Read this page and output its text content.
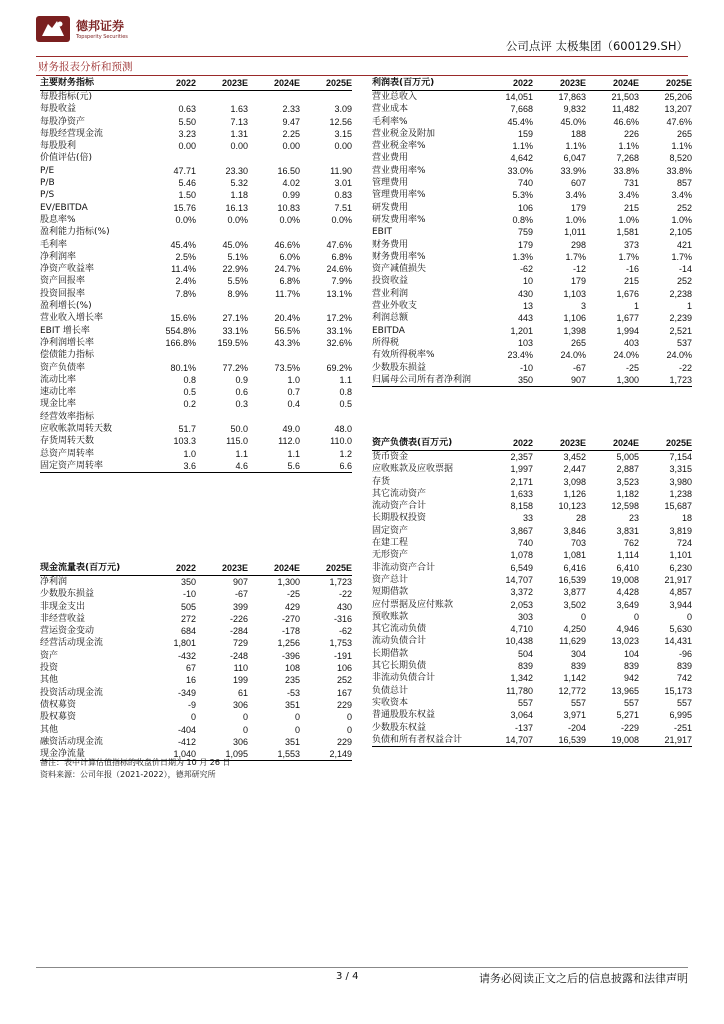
德邦证券
Topsperity Securities
公司点评 太极集团（600129.SH）
财务报表分析和预测
主要财务指标	2022	2023E	2024E	2025E
每股指标(元)
每股收益	0.63	1.63	2.33	3.09
每股净资产	5.50	7.13	9.47	12.56
每股经营现金流	3.23	1.31	2.25	3.15
每股股利	0.00	0.00	0.00	0.00
价值评估(倍)
P/E	47.71	23.30	16.50	11.90
P/B	5.46	5.32	4.02	3.01
P/S	1.50	1.18	0.99	0.83
EV/EBITDA	15.76	16.13	10.83	7.51
股息率%	0.0%	0.0%	0.0%	0.0%
盈利能力指标(%)
毛利率	45.4%	45.0%	46.6%	47.6%
净利润率	2.5%	5.1%	6.0%	6.8%
净资产收益率	11.4%	22.9%	24.7%	24.6%
资产回报率	2.4%	5.5%	6.8%	7.9%
投资回报率	7.8%	8.9%	11.7%	13.1%
盈利增长(%)
营业收入增长率	15.6%	27.1%	20.4%	17.2%
EBIT 增长率	554.8%	33.1%	56.5%	33.1%
净利润增长率	166.8%	159.5%	43.3%	32.6%
偿债能力指标
资产负债率	80.1%	77.2%	73.5%	69.2%
流动比率	0.8	0.9	1.0	1.1
速动比率	0.5	0.6	0.7	0.8
现金比率	0.2	0.3	0.4	0.5
经营效率指标
应收帐款周转天数	51.7	50.0	49.0	48.0
存货周转天数	103.3	115.0	112.0	110.0
总资产周转率	1.0	1.1	1.1	1.2
固定资产周转率	3.6	4.6	5.6	6.6
利润表(百万元)	2022	2023E	2024E	2025E
营业总收入	14,051	17,863	21,503	25,206
营业成本	7,668	9,832	11,482	13,207
毛利率%	45.4%	45.0%	46.6%	47.6%
营业税金及附加	159	188	226	265
营业税金率%	1.1%	1.1%	1.1%	1.1%
营业费用	4,642	6,047	7,268	8,520
营业费用率%	33.0%	33.9%	33.8%	33.8%
管理费用	740	607	731	857
管理费用率%	5.3%	3.4%	3.4%	3.4%
研发费用	106	179	215	252
研发费用率%	0.8%	1.0%	1.0%	1.0%
EBIT	759	1,011	1,581	2,105
财务费用	179	298	373	421
财务费用率%	1.3%	1.7%	1.7%	1.7%
资产减值损失	-62	-12	-16	-14
投资收益	10	179	215	252
营业利润	430	1,103	1,676	2,238
营业外收支	13	3	1	1
利润总额	443	1,106	1,677	2,239
EBITDA	1,201	1,398	1,994	2,521
所得税	103	265	403	537
有效所得税率%	23.4%	24.0%	24.0%	24.0%
少数股东损益	-10	-67	-25	-22
归属母公司所有者净利润	350	907	1,300	1,723
资产负债表(百万元)	2022	2023E	2024E	2025E
货币资金	2,357	3,452	5,005	7,154
应收账款及应收票据	1,997	2,447	2,887	3,315
存货	2,171	3,098	3,523	3,980
其它流动资产	1,633	1,126	1,182	1,238
流动资产合计	8,158	10,123	12,598	15,687
长期股权投资	33	28	23	18
固定资产	3,867	3,846	3,831	3,819
在建工程	740	703	762	724
无形资产	1,078	1,081	1,114	1,101
非流动资产合计	6,549	6,416	6,410	6,230
资产总计	14,707	16,539	19,008	21,917
短期借款	3,372	3,877	4,428	4,857
应付票据及应付账款	2,053	3,502	3,649	3,944
预收账款	303	0	0	0
其它流动负债	4,710	4,250	4,946	5,630
流动负债合计	10,438	11,629	13,023	14,431
长期借款	504	304	104	-96
其它长期负债	839	839	839	839
非流动负债合计	1,342	1,142	942	742
负债总计	11,780	12,772	13,965	15,173
实收资本	557	557	557	557
普通股股东权益	3,064	3,971	5,271	6,995
少数股东权益	-137	-204	-229	-251
负债和所有者权益合计	14,707	16,539	19,008	21,917
现金流量表(百万元)	2022	2023E	2024E	2025E
净利润	350	907	1,300	1,723
少数股东损益	-10	-67	-25	-22
非现金支出	505	399	429	430
非经营收益	272	-226	-270	-316
营运资金变动	684	-284	-178	-62
经营活动现金流	1,801	729	1,256	1,753
资产	-432	-248	-396	-191
投资	67	110	108	106
其他	16	199	235	252
投资活动现金流	-349	61	-53	167
债权募资	-9	306	351	229
股权募资	0	0	0	0
其他	-404	0	0	0
融资活动现金流	-412	306	351	229
现金净流量	1,040	1,095	1,553	2,149
备注：表中计算估值指标的收盘价日期为 10 月 26 日
资料来源：公司年报（2021-2022），德邦研究所
3 / 4	请务必阅读正文之后的信息披露和法律声明
